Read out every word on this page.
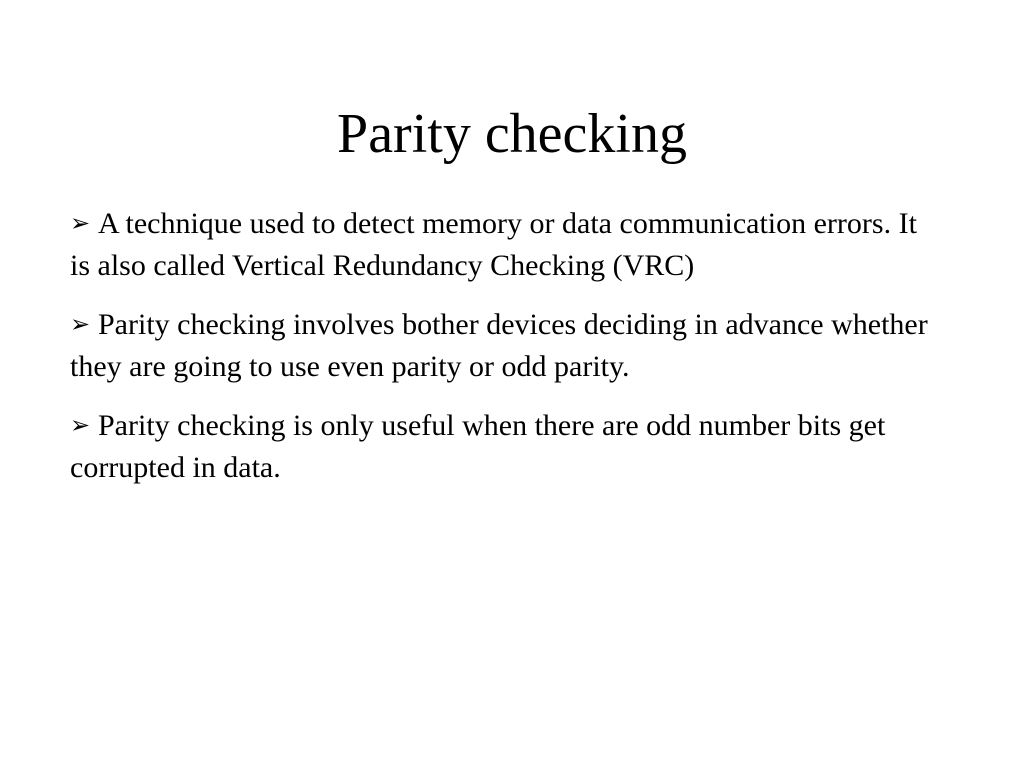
Parity checking
➢ A technique used to detect memory or data communication errors. It is also called Vertical Redundancy Checking (VRC)
➢ Parity checking involves bother devices deciding in advance whether they are going to use even parity or odd parity.
➢ Parity checking is only useful when there are odd number bits get corrupted in data.
